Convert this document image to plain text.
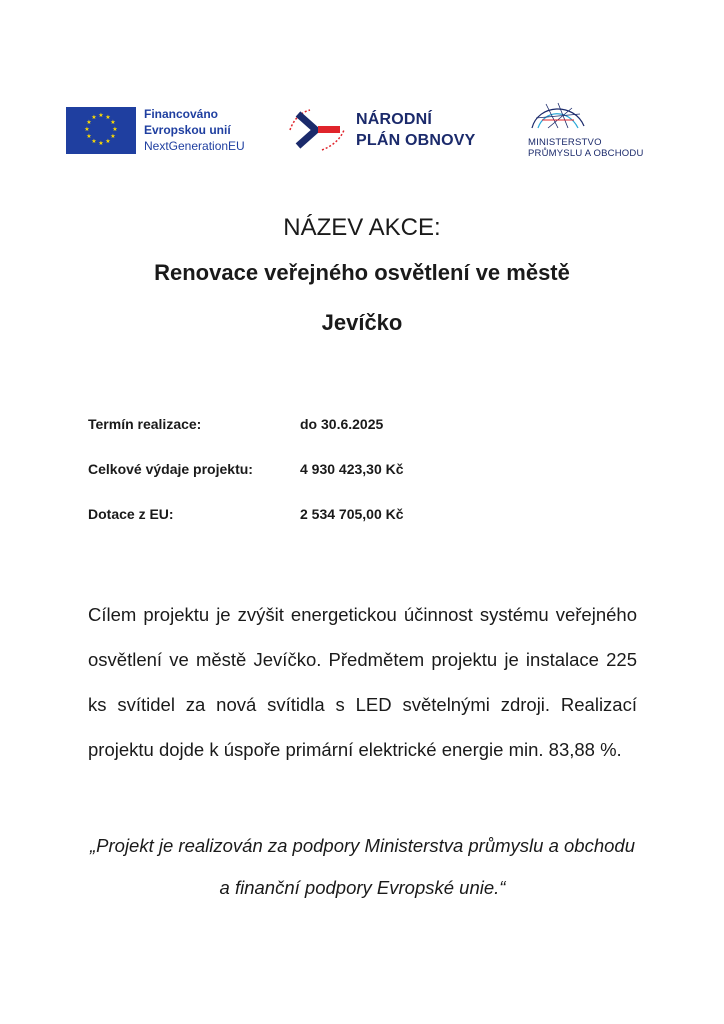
★ ★
★
★
★
★
★
★
★
★
★
★	Financováno
Evropskou unií
NextGenerationEU
NÁRODNÍ
PLÁN OBNOVY	MINISTERSTVO
PRŮMYSLU A OBCHODU
NÁZEV AKCE:
Renovace veřejného osvětlení ve městě
Jevíčko
Termín realizace:	do 30.6.2025
Celkové výdaje projektu:	4 930 423,30 Kč
Dotace z EU:	2 534 705,00 Kč
Cílem projektu je zvýšit energetickou účinnost systému veřejného osvětlení ve městě Jevíčko. Předmětem projektu je instalace 225 ks svítidel za nová svítidla s LED světelnými zdroji. Realizací projektu dojde k úspoře primární elektrické energie min. 83,88 %.
„Projekt je realizován za podpory Ministerstva průmyslu a obchodu a finanční podpory Evropské unie.“
